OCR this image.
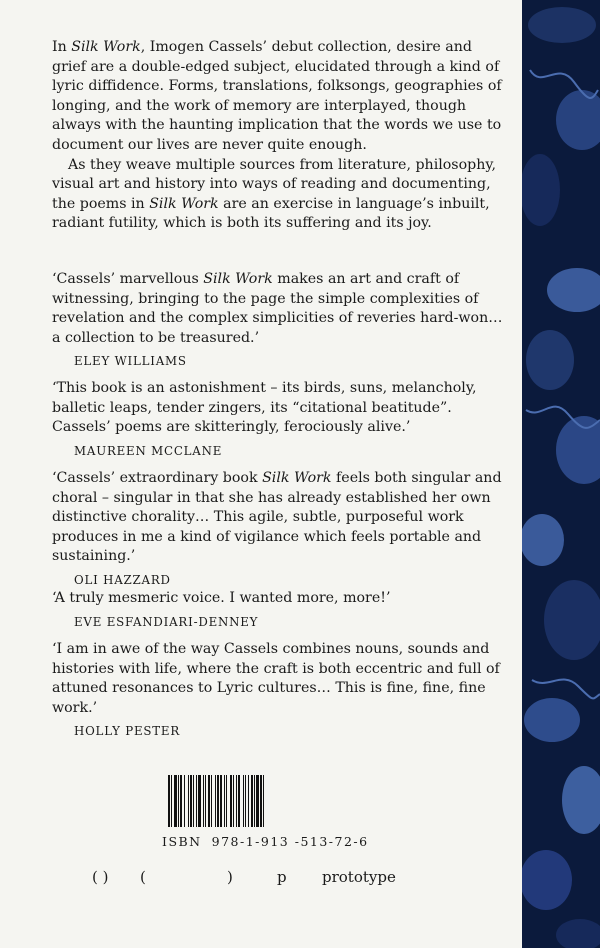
In Silk Work, Imogen Cassels’ debut collection, desire and grief are a double-edged subject, elucidated through a kind of lyric diffidence. Forms, translations, folksongs, geographies of longing, and the work of memory are interplayed, though always with the haunting implication that the words we use to document our lives are never quite enough.

As they weave multiple sources from literature, philosophy, visual art and history into ways of reading and documenting, the poems in Silk Work are an exercise in language’s inbuilt, radiant futility, which is both its suffering and its joy.

‘Cassels’ marvellous Silk Work makes an art and craft of witnessing, bringing to the page the simple complexities of revelation and the complex simplicities of reveries hard-won… a collection to be treasured.’

ELEY WILLIAMS

‘This book is an astonishment – its birds, suns, melancholy, balletic leaps, tender zingers, its “citational beatitude”. Cassels’ poems are skitteringly, ferociously alive.’

MAUREEN MCCLANE

‘Cassels’ extraordinary book Silk Work feels both singular and choral – singular in that she has already established her own distinctive chorality… This agile, subtle, purposeful work produces in me a kind of vigilance which feels portable and sustaining.’

OLI HAZZARD

‘A truly mesmeric voice. I wanted more, more!’

EVE ESFANDIARI-DENNEY

‘I am in awe of the way Cassels combines nouns, sounds and histories with life, where the craft is both eccentric and full of attuned resonances to Lyric cultures… This is fine, fine, fine work.’

HOLLY PESTER
ISBN 978-1-913 -513-72-6
( ) (	)	p prototype
